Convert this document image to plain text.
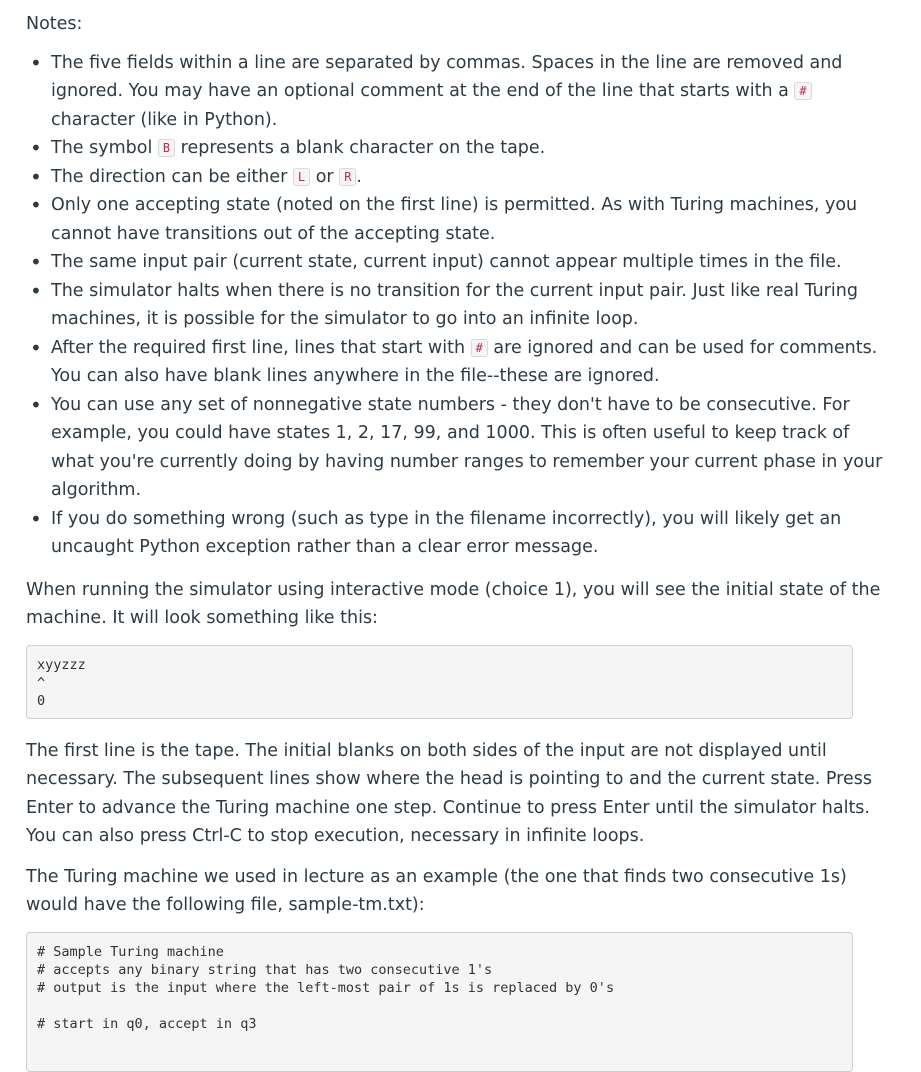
Notes:

• The five fields within a line are separated by commas. Spaces in the line are removed and ignored. You may have an optional comment at the end of the line that starts with a # character (like in Python).
• The symbol B represents a blank character on the tape.
• The direction can be either L or R .
• Only one accepting state (noted on the first line) is permitted. As with Turing machines, you cannot have transitions out of the accepting state.
• The same input pair (current state, current input) cannot appear multiple times in the file.
• The simulator halts when there is no transition for the current input pair. Just like real Turing machines, it is possible for the simulator to go into an infinite loop.
• After the required first line, lines that start with # are ignored and can be used for comments. You can also have blank lines anywhere in the file--these are ignored.
• You can use any set of nonnegative state numbers - they don't have to be consecutive. For example, you could have states 1, 2, 17, 99, and 1000. This is often useful to keep track of what you're currently doing by having number ranges to remember your current phase in your algorithm.
• If you do something wrong (such as type in the filename incorrectly), you will likely get an uncaught Python exception rather than a clear error message.

When running the simulator using interactive mode (choice 1), you will see the initial state of the machine. It will look something like this:

xyyzzz
^
0

The first line is the tape. The initial blanks on both sides of the input are not displayed until necessary. The subsequent lines show where the head is pointing to and the current state. Press Enter to advance the Turing machine one step. Continue to press Enter until the simulator halts. You can also press Ctrl-C to stop execution, necessary in infinite loops.

The Turing machine we used in lecture as an example (the one that finds two consecutive 1s) would have the following file, sample-tm.txt):

# Sample Turing machine
# accepts any binary string that has two consecutive 1's
# output is the input where the left-most pair of 1s is replaced by 0's

# start in q0, accept in q3
